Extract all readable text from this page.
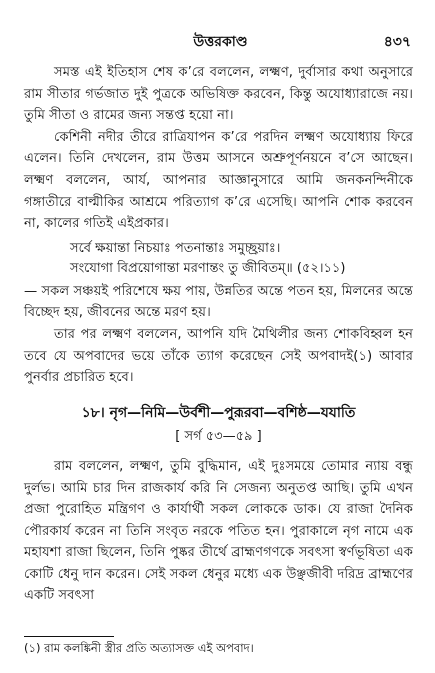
উত্তরকাণ্ড	৪৩৭

সমস্ত এই ইতিহাস শেষ ক’রে বললেন, লক্ষ্মণ, দুর্বাসার কথা অনুসারে রাম সীতার গর্ভজাত দুই পুত্রকে অভিষিক্ত করবেন, কিন্তু অযোধ্যারাজে নয়। তুমি সীতা ও রামের জন্য সন্তপ্ত হয়ো না।

কেশিনী নদীর তীরে রাত্রিযাপন ক’রে পরদিন লক্ষ্মণ অযোধ্যায় ফিরে এলেন। তিনি দেখলেন, রাম উত্তম আসনে অশ্রুপূর্ণনয়নে ব’সে আছেন। লক্ষ্মণ বললেন, আর্য, আপনার আজ্ঞানুসারে আমি জনকনন্দিনীকে গঙ্গাতীরে বাল্মীকির আশ্রমে পরিত্যাগ ক’রে এসেছি। আপনি শোক করবেন না, কালের গতিই এইপ্রকার।

সর্বে ক্ষয়ান্তা নিচয়াঃ পতনান্তাঃ সমুচ্ছ্রয়াঃ।
সংযোগা বিপ্রয়োগান্তা মরণান্তং তু জীবিতম্॥ (৫২।১১)

— সকল সঞ্চয়ই পরিশেষে ক্ষয় পায়, উন্নতির অন্তে পতন হয়, মিলনের অন্তে বিচ্ছেদ হয়, জীবনের অন্তে মরণ হয়।

তার পর লক্ষ্মণ বললেন, আপনি যদি মৈথিলীর জন্য শোকবিহ্বল হন তবে যে অপবাদের ভয়ে তাঁকে ত্যাগ করেছেন সেই অপবাদই(১) আবার পুনর্বার প্রচারিত হবে।

১৮। নৃগ—নিমি—উর্বশী—পুরূরবা—বশিষ্ঠ—যযাতি
[ সর্গ ৫৩—৫৯ ]

রাম বললেন, লক্ষ্মণ, তুমি বুদ্ধিমান, এই দুঃসময়ে তোমার ন্যায় বন্ধু দুর্লভ। আমি চার দিন রাজকার্য করি নি সেজন্য অনুতপ্ত আছি। তুমি এখন প্রজা পুরোহিত মন্ত্রিগণ ও কার্যার্থী সকল লোককে ডাক। যে রাজা দৈনিক পৌরকার্য করেন না তিনি সংবৃত নরকে পতিত হন। পুরাকালে নৃগ নামে এক মহাযশা রাজা ছিলেন, তিনি পুষ্কর তীর্থে ব্রাহ্মণগণকে সবৎসা স্বর্ণভূষিতা এক কোটি ধেনু দান করেন। সেই সকল ধেনুর মধ্যে এক উঞ্ছজীবী দরিদ্র ব্রাহ্মণের একটি সবৎসা

(১) রাম কলঙ্কিনী স্ত্রীর প্রতি অত্যাসক্ত এই অপবাদ।
